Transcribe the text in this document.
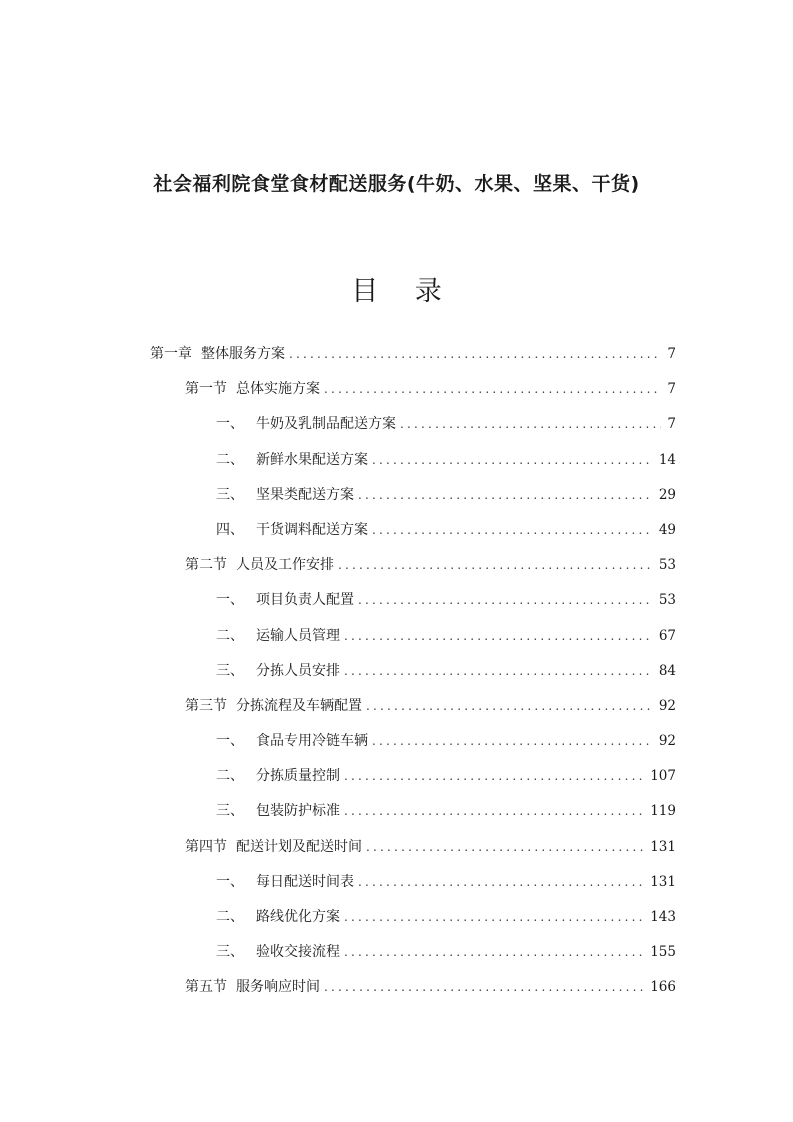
社会福利院食堂食材配送服务(牛奶、水果、坚果、干货)
目 录
第一章 整体服务方案 .....	7
第一节 总体实施方案 .....	7
一、 牛奶及乳制品配送方案 .....	7
二、 新鲜水果配送方案 .....	14
三、 坚果类配送方案 .....	29
四、 干货调料配送方案 .....	49
第二节 人员及工作安排 .....	53
一、 项目负责人配置 .....	53
二、 运输人员管理 .....	67
三、 分拣人员安排 .....	84
第三节 分拣流程及车辆配置 .....	92
一、 食品专用冷链车辆 .....	92
二、 分拣质量控制 .....	107
三、 包装防护标准 .....	119
第四节 配送计划及配送时间 .....	131
一、 每日配送时间表 .....	131
二、 路线优化方案 .....	143
三、 验收交接流程 .....	155
第五节 服务响应时间 .....	166
